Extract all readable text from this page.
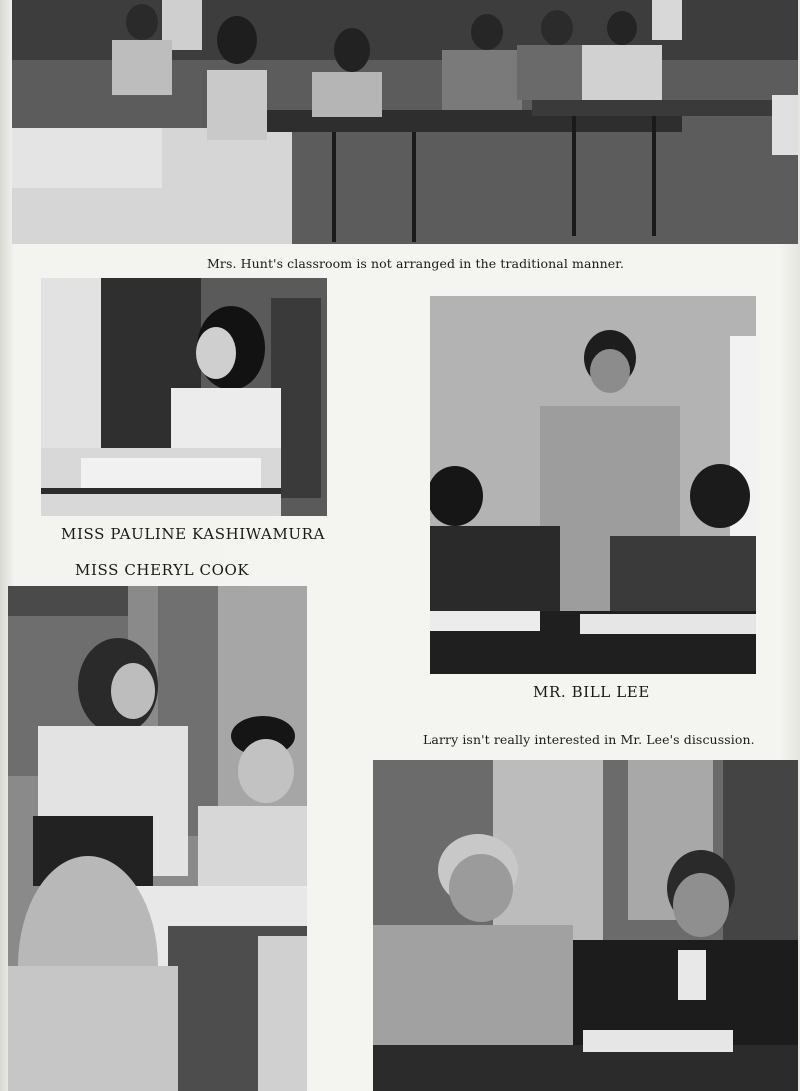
Mrs. Hunt's classroom is not arranged in the traditional manner.
MISS PAULINE KASHIWAMURA
MISS CHERYL COOK
MR. BILL LEE
Larry isn't really interested in Mr. Lee's discussion.
